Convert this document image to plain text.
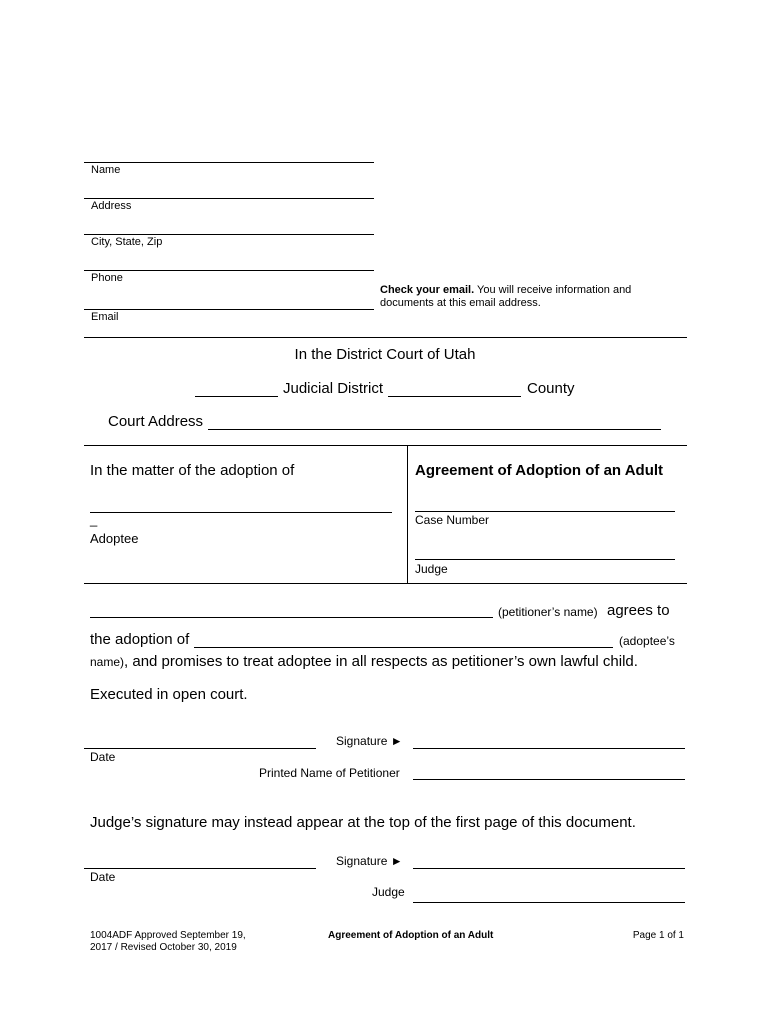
Name
Address
City, State, Zip
Phone
Email
Check your email. You will receive information and documents at this email address.
In the District Court of Utah
Judicial District	County
Court Address
In the matter of the adoption of
_
Adoptee
Agreement of Adoption of an Adult
Case Number
Judge
(petitioner’s name) agrees to
the adoption of	(adoptee’s
name), and promises to treat adoptee in all respects as petitioner’s own lawful child.
Executed in open court.
Date
Signature ►
Printed Name of Petitioner
Judge’s signature may instead appear at the top of the first page of this document.
Date
Signature ►
Judge
1004ADF Approved September 19,
2017 / Revised October 30, 2019
Agreement of Adoption of an Adult	Page 1 of 1
